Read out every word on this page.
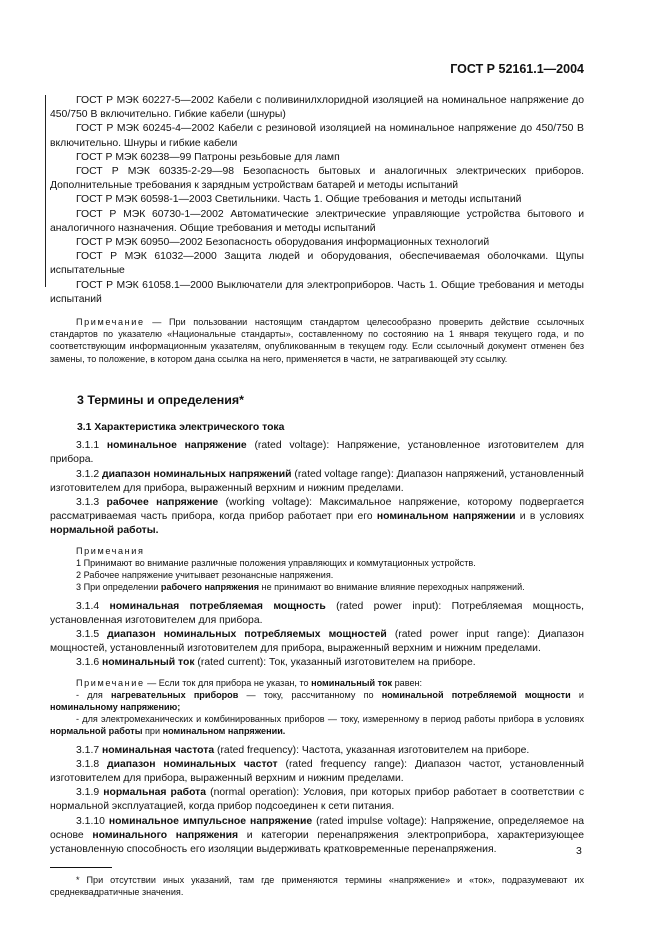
ГОСТ Р 52161.1—2004

ГОСТ Р МЭК 60227-5—2002 Кабели с поливинилхлоридной изоляцией на номинальное напряжение до 450/750 В включительно. Гибкие кабели (шнуры)

ГОСТ Р МЭК 60245-4—2002 Кабели с резиновой изоляцией на номинальное напряжение до 450/750 В включительно. Шнуры и гибкие кабели

ГОСТ Р МЭК 60238—99 Патроны резьбовые для ламп

ГОСТ Р МЭК 60335-2-29—98 Безопасность бытовых и аналогичных электрических приборов. Дополнительные требования к зарядным устройствам батарей и методы испытаний

ГОСТ Р МЭК 60598-1—2003 Светильники. Часть 1. Общие требования и методы испытаний

ГОСТ Р МЭК 60730-1—2002 Автоматические электрические управляющие устройства бытового и аналогичного назначения. Общие требования и методы испытаний

ГОСТ Р МЭК 60950—2002 Безопасность оборудования информационных технологий

ГОСТ Р МЭК 61032—2000 Защита людей и оборудования, обеспечиваемая оболочками. Щупы испытательные

ГОСТ Р МЭК 61058.1—2000 Выключатели для электроприборов. Часть 1. Общие требования и методы испытаний

Примечание — При пользовании настоящим стандартом целесообразно проверить действие ссылочных стандартов по указателю «Национальные стандарты», составленному по состоянию на 1 января текущего года, и по соответствующим информационным указателям, опубликованным в текущем году. Если ссылочный документ отменен без замены, то положение, в котором дана ссылка на него, применяется в части, не затрагивающей эту ссылку.

3 Термины и определения*
3.1 Характеристика электрического тока

3.1.1 номинальное напряжение (rated voltage): Напряжение, установленное изготовителем для прибора.

3.1.2 диапазон номинальных напряжений (rated voltage range): Диапазон напряжений, установленный изготовителем для прибора, выраженный верхним и нижним пределами.

3.1.3 рабочее напряжение (working voltage): Максимальное напряжение, которому подвергается рассматриваемая часть прибора, когда прибор работает при его номинальном напряжении и в условиях нормальной работы.

Примечания

1 Принимают во внимание различные положения управляющих и коммутационных устройств.

2 Рабочее напряжение учитывает резонансные напряжения.

3 При определении рабочего напряжения не принимают во внимание влияние переходных напряжений.

3.1.4 номинальная потребляемая мощность (rated power input): Потребляемая мощность, установленная изготовителем для прибора.

3.1.5 диапазон номинальных потребляемых мощностей (rated power input range): Диапазон мощностей, установленный изготовителем для прибора, выраженный верхним и нижним пределами.

3.1.6 номинальный ток (rated current): Ток, указанный изготовителем на приборе.

Примечание — Если ток для прибора не указан, то номинальный ток равен:

- для нагревательных приборов — току, рассчитанному по номинальной потребляемой мощности и номинальному напряжению;

- для электромеханических и комбинированных приборов — току, измеренному в период работы прибора в условиях нормальной работы при номинальном напряжении.

3.1.7 номинальная частота (rated frequency): Частота, указанная изготовителем на приборе.

3.1.8 диапазон номинальных частот (rated frequency range): Диапазон частот, установленный изготовителем для прибора, выраженный верхним и нижним пределами.

3.1.9 нормальная работа (normal operation): Условия, при которых прибор работает в соответствии с нормальной эксплуатацией, когда прибор подсоединен к сети питания.

3.1.10 номинальное импульсное напряжение (rated impulse voltage): Напряжение, определяемое на основе номинального напряжения и категории перенапряжения электроприбора, характеризующее установленную способность его изоляции выдерживать кратковременные перенапряжения.

* При отсутствии иных указаний, там где применяются термины «напряжение» и «ток», подразумевают их среднеквадратичные значения.

3
